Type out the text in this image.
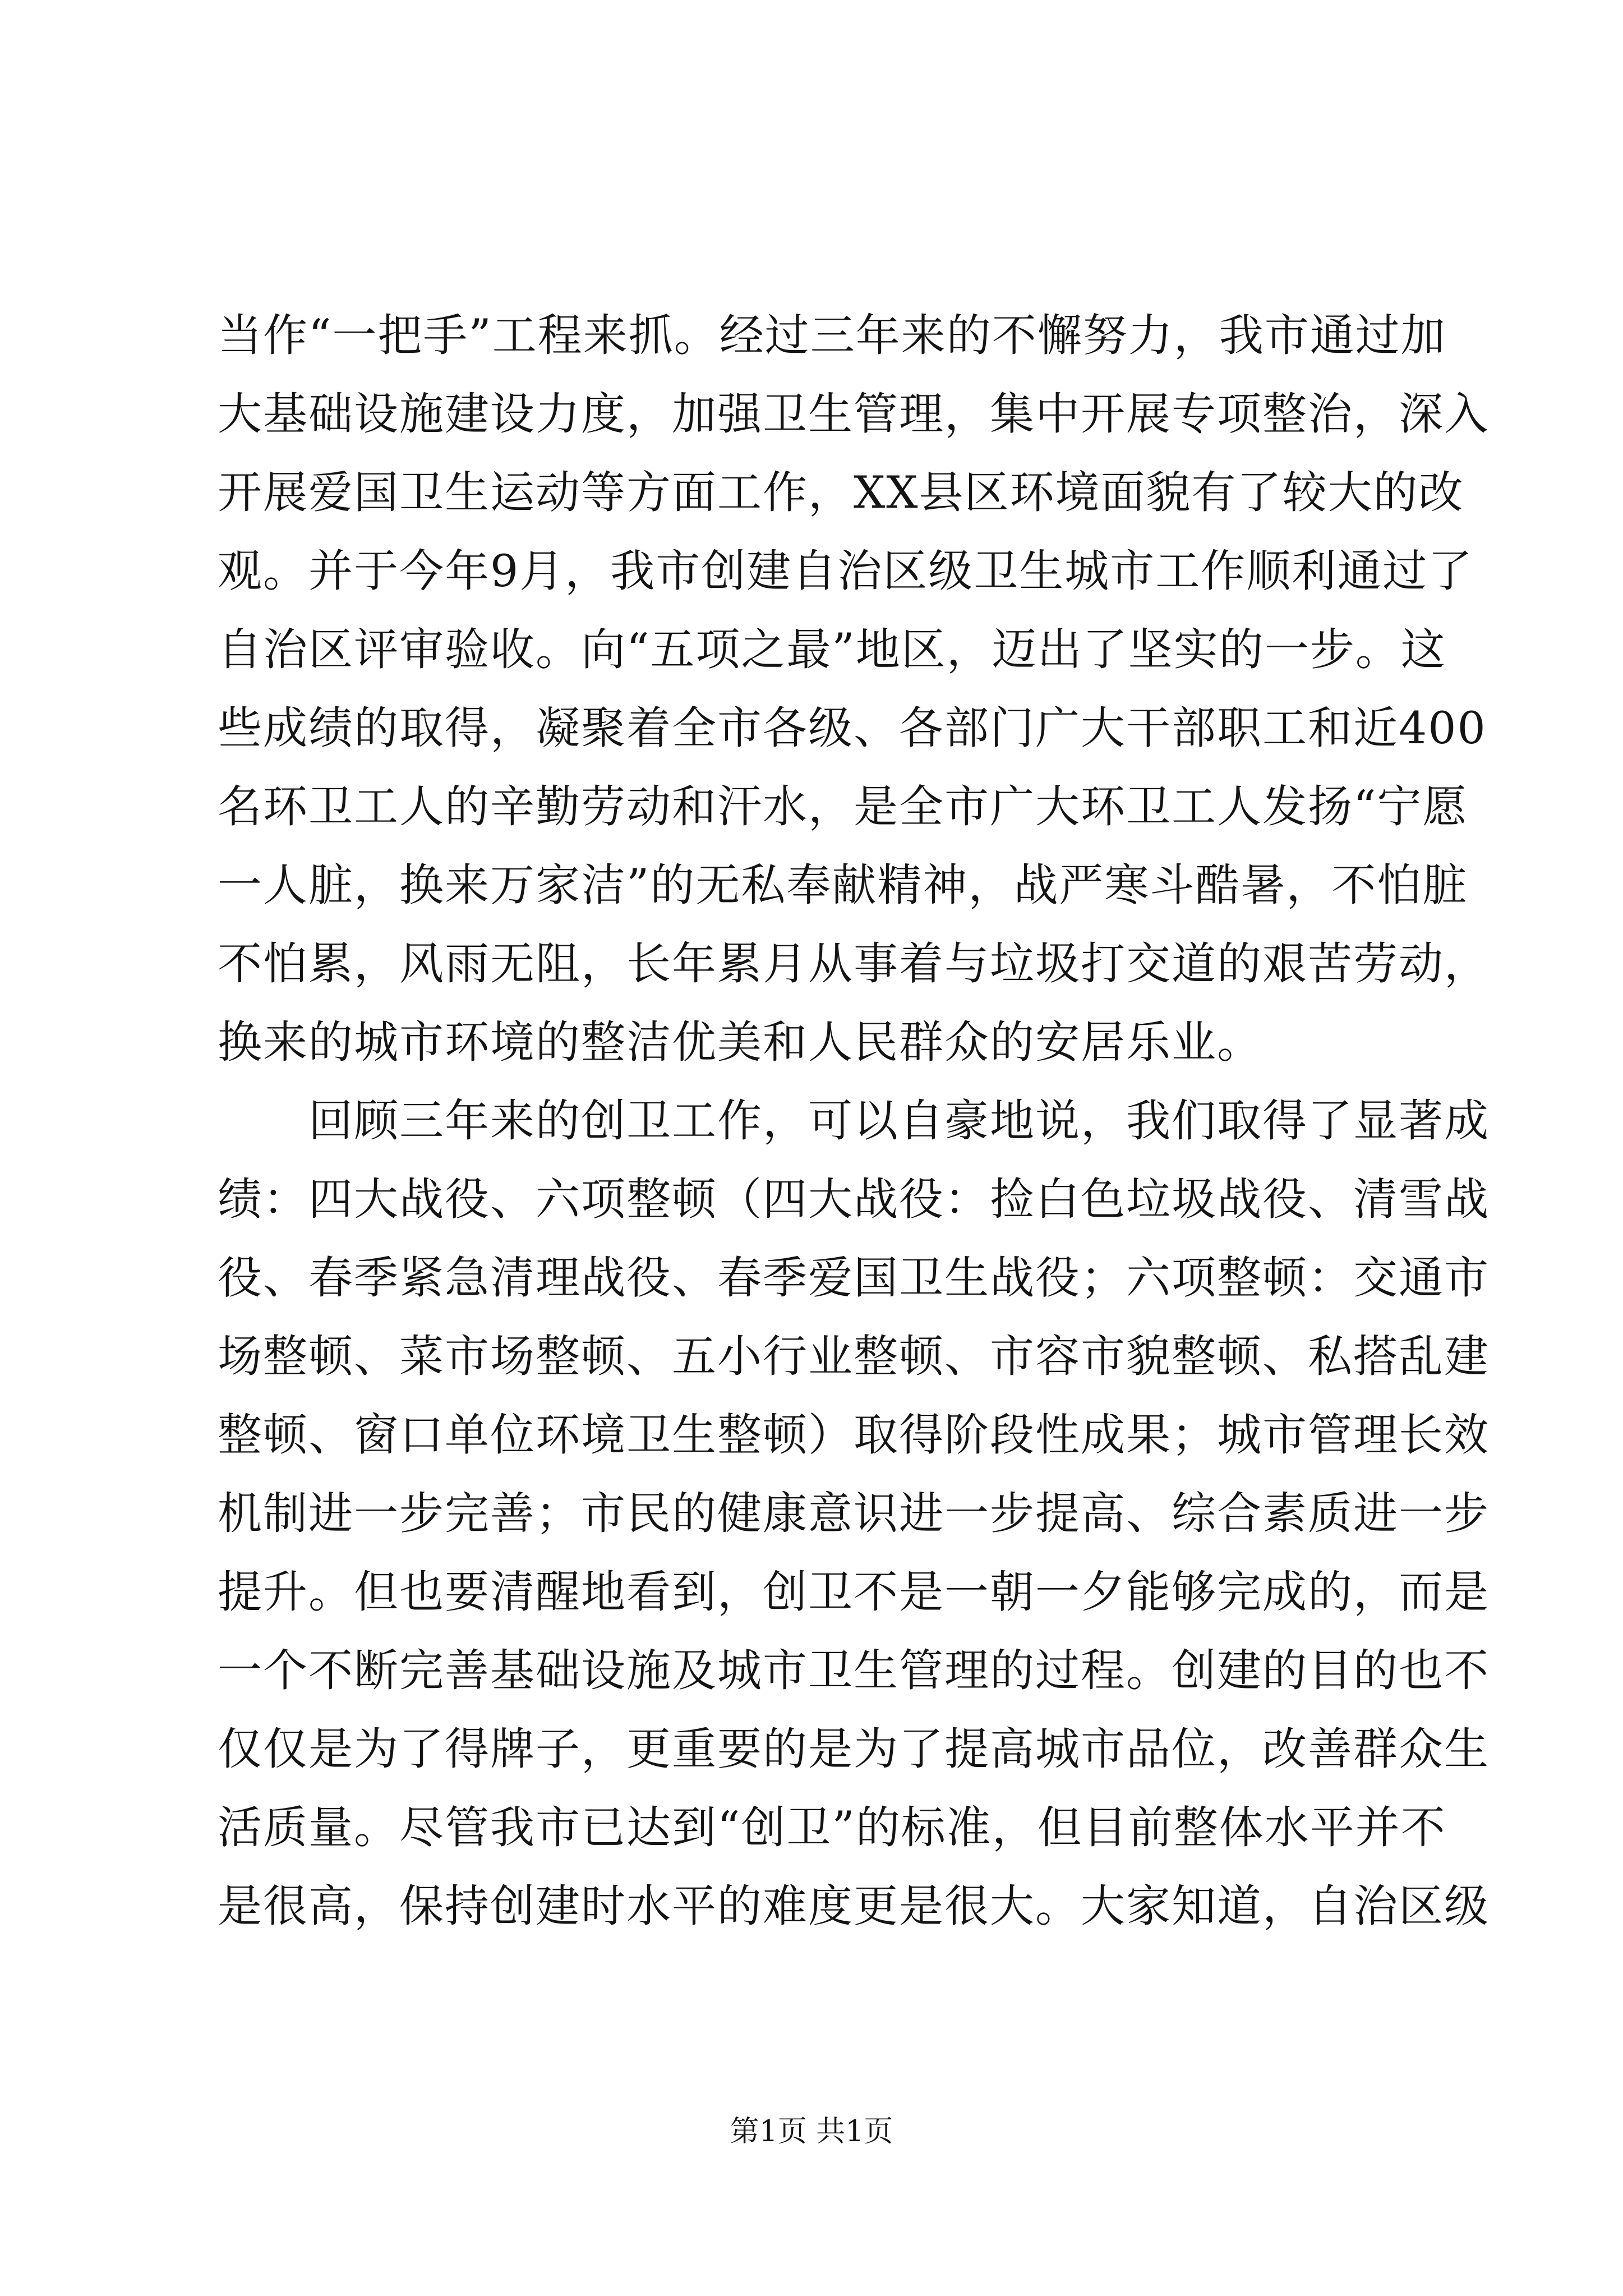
当作“一把手”工程来抓。经过三年来的不懈努力，我市通过加
大基础设施建设力度，加强卫生管理，集中开展专项整治，深入
开展爱国卫生运动等方面工作，XX县区环境面貌有了较大的改
观。并于今年9月，我市创建自治区级卫生城市工作顺利通过了
自治区评审验收。向“五项之最”地区，迈出了坚实的一步。这
些成绩的取得，凝聚着全市各级、各部门广大干部职工和近400
名环卫工人的辛勤劳动和汗水，是全市广大环卫工人发扬“宁愿
一人脏，换来万家洁”的无私奉献精神，战严寒斗酷暑，不怕脏
不怕累，风雨无阻，长年累月从事着与垃圾打交道的艰苦劳动，
换来的城市环境的整洁优美和人民群众的安居乐业。
　　回顾三年来的创卫工作，可以自豪地说，我们取得了显著成
绩：四大战役、六项整顿（四大战役：捡白色垃圾战役、清雪战
役、春季紧急清理战役、春季爱国卫生战役；六项整顿：交通市
场整顿、菜市场整顿、五小行业整顿、市容市貌整顿、私搭乱建
整顿、窗口单位环境卫生整顿）取得阶段性成果；城市管理长效
机制进一步完善；市民的健康意识进一步提高、综合素质进一步
提升。但也要清醒地看到，创卫不是一朝一夕能够完成的，而是
一个不断完善基础设施及城市卫生管理的过程。创建的目的也不
仅仅是为了得牌子，更重要的是为了提高城市品位，改善群众生
活质量。尽管我市已达到“创卫”的标准，但目前整体水平并不
是很高，保持创建时水平的难度更是很大。大家知道，自治区级
第1页 共1页
